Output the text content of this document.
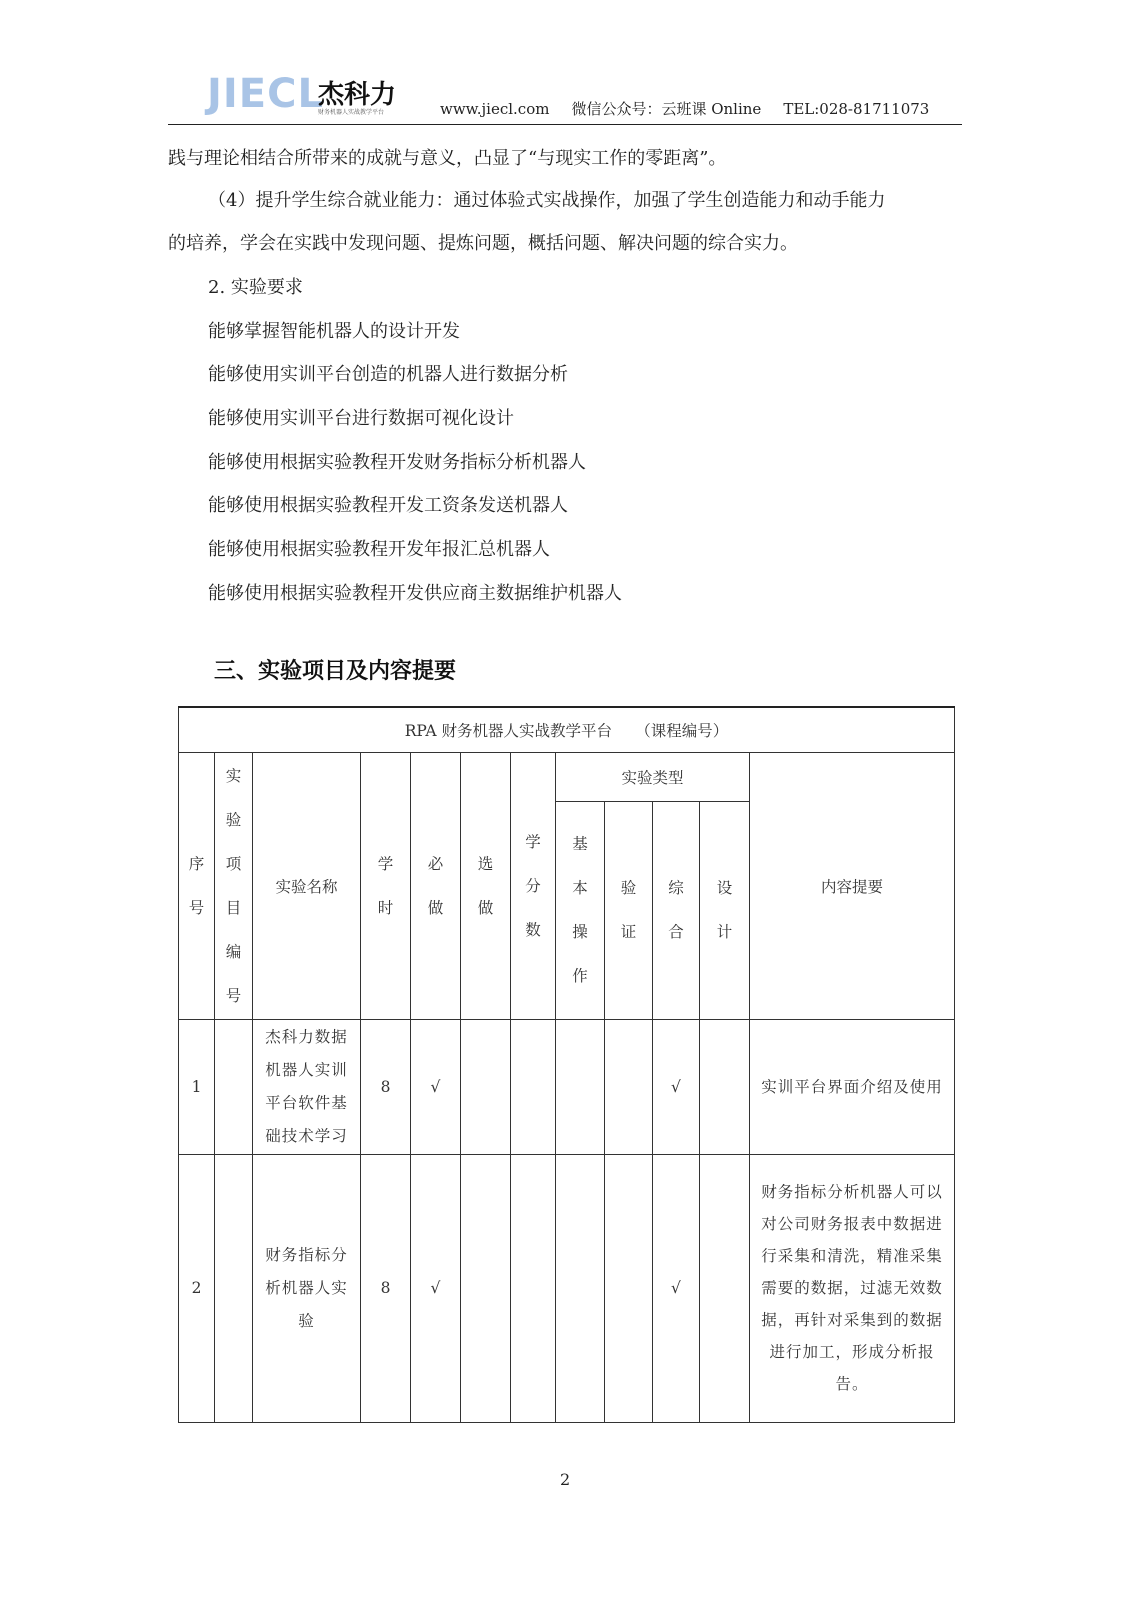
JIECL
杰科力
财务机器人实战教学平台	www.jiecl.com 微信公众号：云班课 Online TEL:028-81711073
践与理论相结合所带来的成就与意义，凸显了“与现实工作的零距离”。
（4）提升学生综合就业能力：通过体验式实战操作，加强了学生创造能力和动手能力
的培养，学会在实践中发现问题、提炼问题，概括问题、解决问题的综合实力。
2. 实验要求
能够掌握智能机器人的设计开发
能够使用实训平台创造的机器人进行数据分析
能够使用实训平台进行数据可视化设计
能够使用根据实验教程开发财务指标分析机器人
能够使用根据实验教程开发工资条发送机器人
能够使用根据实验教程开发年报汇总机器人
能够使用根据实验教程开发供应商主数据维护机器人
三、实验项目及内容提要
RPA 财务机器人实战教学平台　　（课程编号）											
序号	实验项目编号	实验名称	学时	必做	选做	学分数	实验类型				内容提要
							基本操作	验证	综合	设计	
1		杰科力数据机器人实训平台软件基础技术学习	8	√					√		实训平台界面介绍及使用
2		财务指标分析机器人实验	8	√					√		财务指标分析机器人可以对公司财务报表中数据进行采集和清洗，精准采集需要的数据，过滤无效数据，再针对采集到的数据进行加工，形成分析报告。
2
